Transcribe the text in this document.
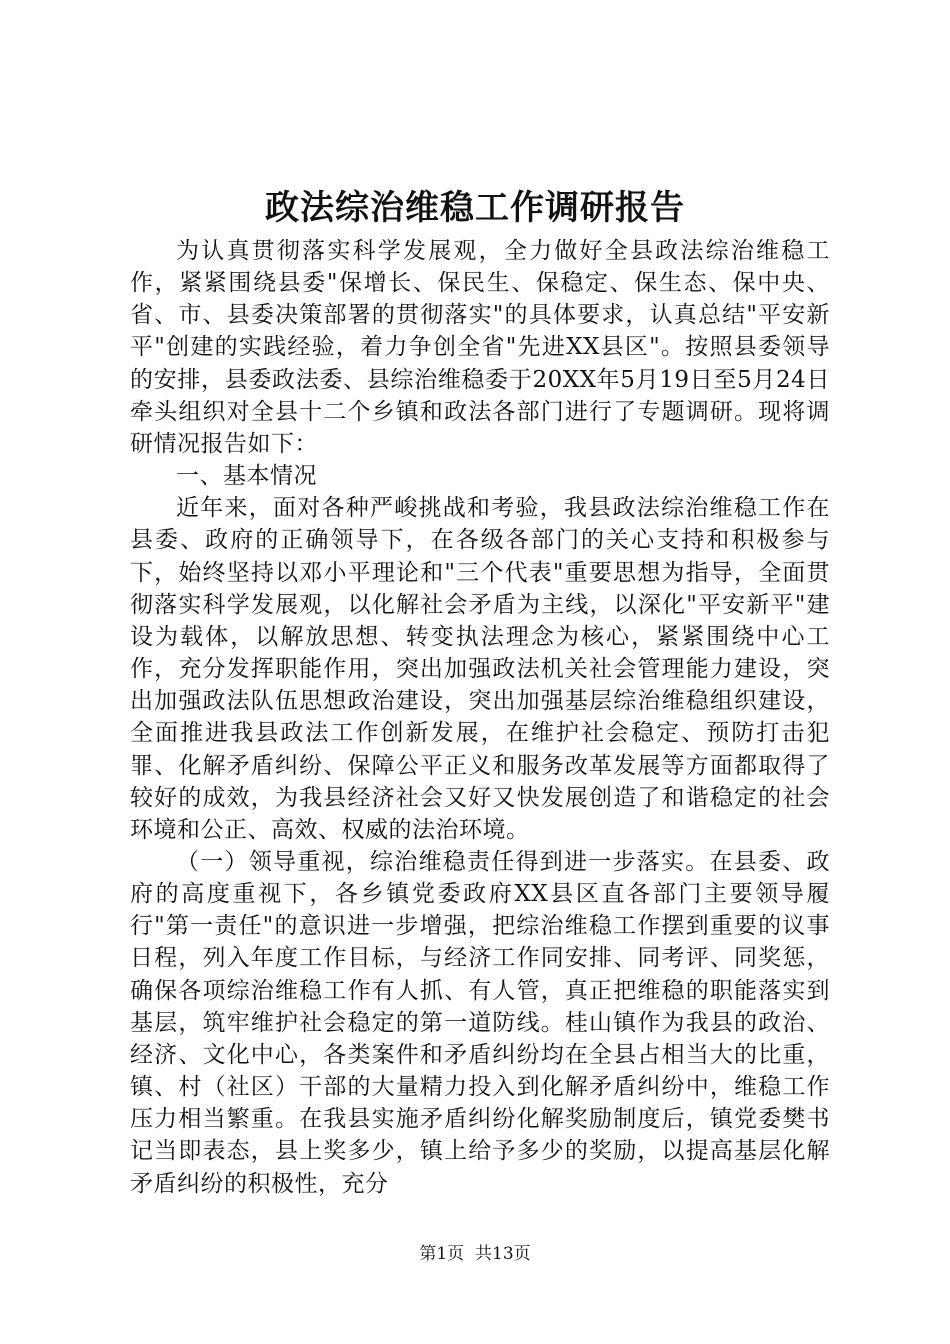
政法综治维稳工作调研报告

为认真贯彻落实科学发展观，全力做好全县政法综治维稳工作，紧紧围绕县委"保增长、保民生、保稳定、保生态、保中央、省、市、县委决策部署的贯彻落实"的具体要求，认真总结"平安新平"创建的实践经验，着力争创全省"先进XX县区"。按照县委领导的安排，县委政法委、县综治维稳委于20XX年5月19日至5月24日牵头组织对全县十二个乡镇和政法各部门进行了专题调研。现将调研情况报告如下：

一、基本情况

近年来，面对各种严峻挑战和考验，我县政法综治维稳工作在县委、政府的正确领导下，在各级各部门的关心支持和积极参与下，始终坚持以邓小平理论和"三个代表"重要思想为指导，全面贯彻落实科学发展观，以化解社会矛盾为主线，以深化"平安新平"建设为载体，以解放思想、转变执法理念为核心，紧紧围绕中心工作，充分发挥职能作用，突出加强政法机关社会管理能力建设，突出加强政法队伍思想政治建设，突出加强基层综治维稳组织建设，全面推进我县政法工作创新发展，在维护社会稳定、预防打击犯罪、化解矛盾纠纷、保障公平正义和服务改革发展等方面都取得了较好的成效，为我县经济社会又好又快发展创造了和谐稳定的社会环境和公正、高效、权威的法治环境。

（一）领导重视，综治维稳责任得到进一步落实。在县委、政府的高度重视下，各乡镇党委政府XX县区直各部门主要领导履行"第一责任"的意识进一步增强，把综治维稳工作摆到重要的议事日程，列入年度工作目标，与经济工作同安排、同考评、同奖惩，确保各项综治维稳工作有人抓、有人管，真正把维稳的职能落实到基层，筑牢维护社会稳定的第一道防线。桂山镇作为我县的政治、经济、文化中心，各类案件和矛盾纠纷均在全县占相当大的比重，镇、村（社区）干部的大量精力投入到化解矛盾纠纷中，维稳工作压力相当繁重。在我县实施矛盾纠纷化解奖励制度后，镇党委樊书记当即表态，县上奖多少，镇上给予多少的奖励，以提高基层化解矛盾纠纷的积极性，充分

第1页 共13页
